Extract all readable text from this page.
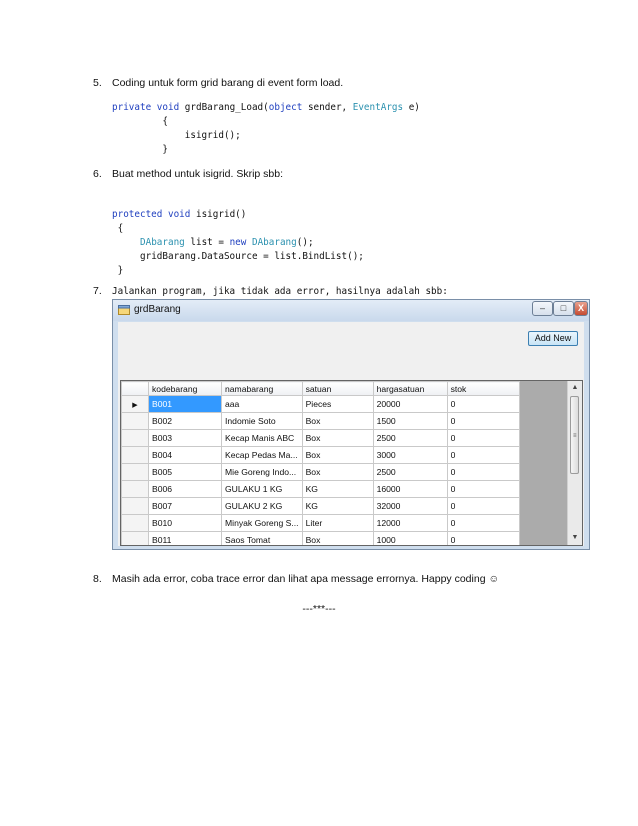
5. Coding untuk form grid barang di event form load.
private void grdBarang_Load(object sender, EventArgs e)
{
isigrid();
}
6. Buat method untuk isigrid. Skrip sbb:
protected void isigrid()
{
DAbarang list = new DAbarang();
gridBarang.DataSource = list.BindList();
}
7. Jalankan program, jika tidak ada error, hasilnya adalah sbb:
grdBarang	–	□	X
Add New
	kodebarang	namabarang	satuan	hargasatuan	stok
▶	B001	aaa	Pieces	20000	0
	B002	Indomie Soto	Box	1500	0
	B003	Kecap Manis ABC	Box	2500	0
	B004	Kecap Pedas Ma...	Box	3000	0
	B005	Mie Goreng Indo...	Box	2500	0
	B006	GULAKU 1 KG	KG	16000	0
	B007	GULAKU 2 KG	KG	32000	0
	B010	Minyak Goreng S...	Liter	12000	0
	B011	Saos Tomat	Box	1000	0
▲
≡
▼
8. Masih ada error, coba trace error dan lihat apa message errornya. Happy coding ☺
---***---
